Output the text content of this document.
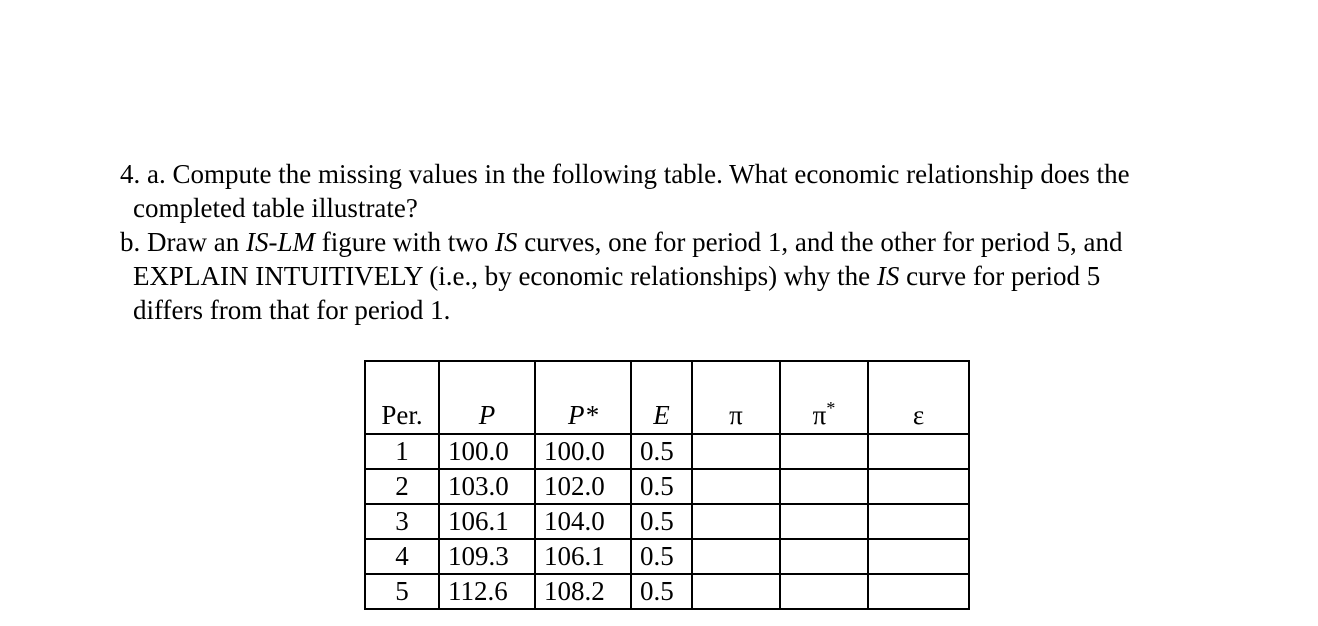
4. a. Compute the missing values in the following table. What economic relationship does the
completed table illustrate?
b. Draw an IS-LM figure with two IS curves, one for period 1, and the other for period 5, and
EXPLAIN INTUITIVELY (i.e., by economic relationships) why the IS curve for period 5
differs from that for period 1.
Per.	P	P*	E	π	π*	ε
1	100.0	100.0	0.5			
2	103.0	102.0	0.5			
3	106.1	104.0	0.5			
4	109.3	106.1	0.5			
5	112.6	108.2	0.5			
